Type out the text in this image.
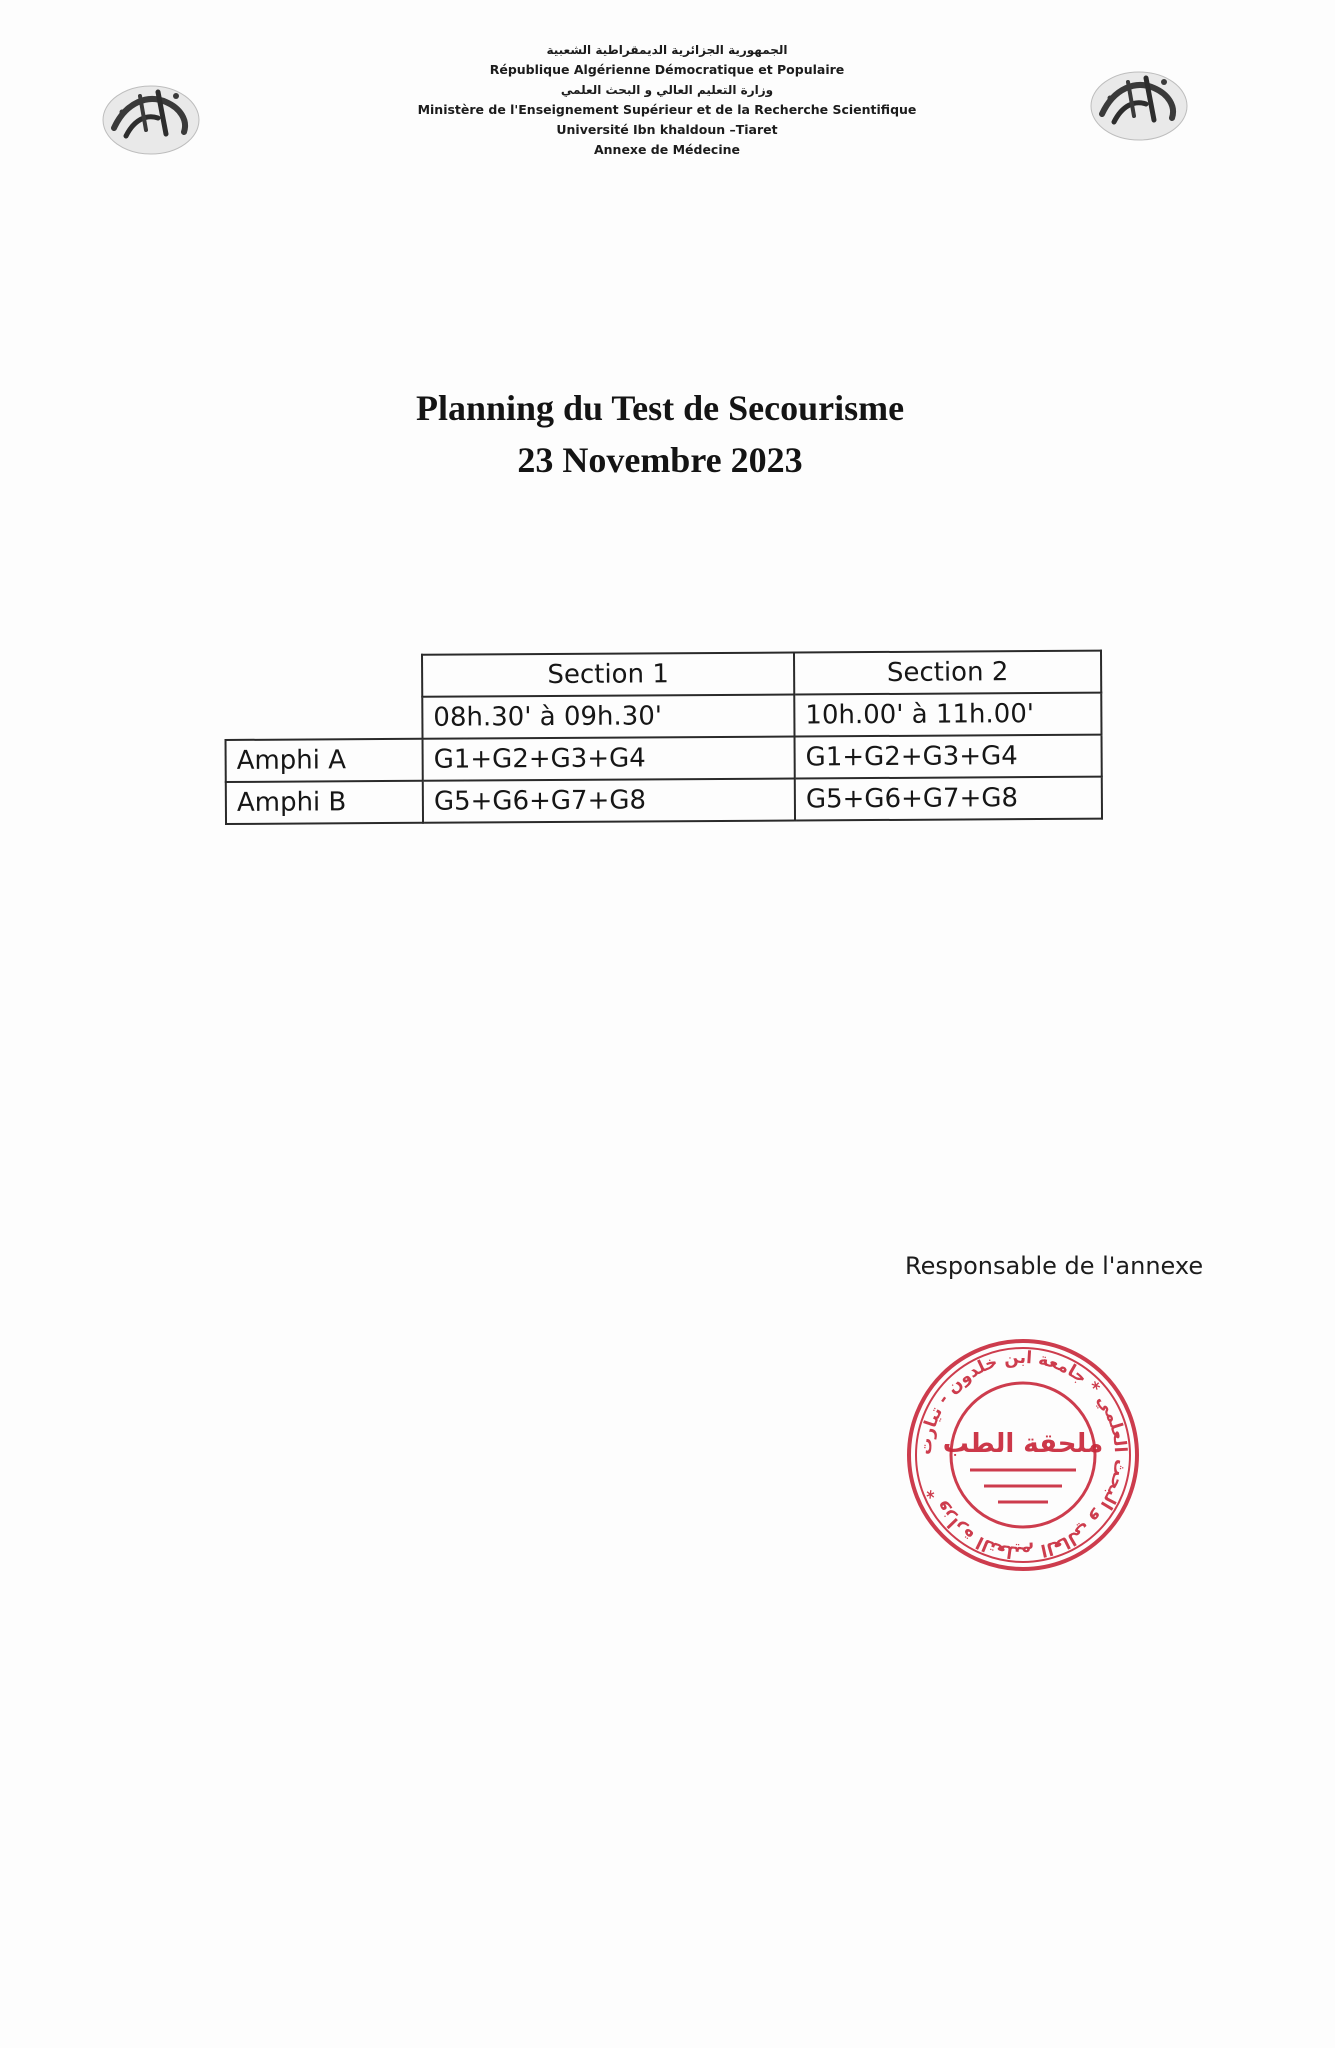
الجمهورية الجزائرية الديمقراطية الشعبية
République Algérienne Démocratique et Populaire
وزارة التعليم العالي و البحث العلمي
Ministère de l'Enseignement Supérieur et de la Recherche Scientifique
Université Ibn khaldoun –Tiaret
Annexe de Médecine
Planning du Test de Secourisme
23 Novembre 2023
	Section 1	Section 2
	08h.30' à 09h.30'	10h.00' à 11h.00'
Amphi A	G1+G2+G3+G4	G1+G2+G3+G4
Amphi B	G5+G6+G7+G8	G5+G6+G7+G8
Responsable de l'annexe
وزارة التعليم العالي و البحث العلمي * جامعة ابن خلدون - تيارت *
ملحقة الطب
